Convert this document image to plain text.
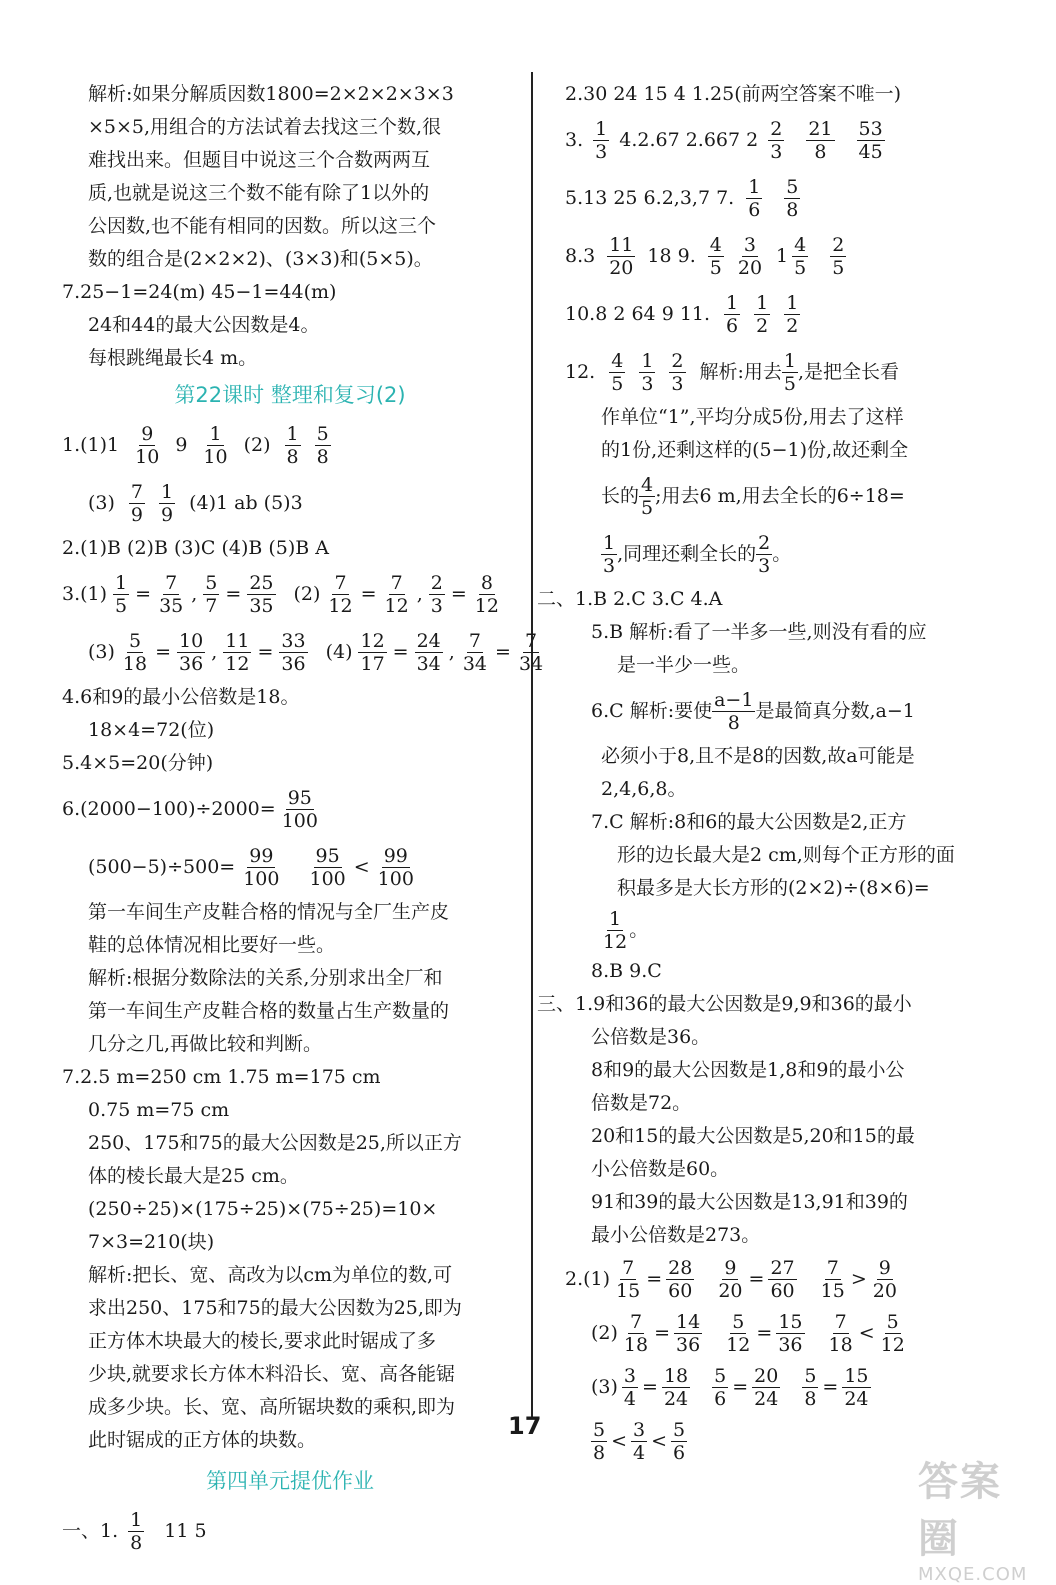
解析:如果分解质因数1800=2×2×2×3×3
×5×5,用组合的方法试着去找这三个数,很
难找出来。但题目中说这三个合数两两互
质,也就是说这三个数不能有除了1以外的
公因数,也不能有相同的因数。所以这三个
数的组合是(2×2×2)、(3×3)和(5×5)。
7.25−1=24(m) 45−1=44(m)
24和44的最大公因数是4。
每根跳绳最长4 m。
第22课时 整理和复习(2)
$1.(1)1 \frac{9}{10} 9 \frac{1}{10} (2) \frac{1}{8} \frac{5}{8}$
$(3) \frac{7}{9} \frac{1}{9} (4)1$ ab (5)3
2.(1)B (2)B (3)C (4)B (5)B A
$3.(1) \frac{1}{5} = \frac{7}{35}$ , $\frac{5}{7} = \frac{25}{35} (2) \frac{7}{12} = \frac{7}{12}$ , $\frac{2}{3} = \frac{8}{12}$
$(3) \frac{5}{18} = \frac{10}{36}$ , $\frac{11}{12} = \frac{33}{36} (4) \frac{12}{17} = \frac{24}{34}$ , $\frac{7}{34} = \frac{7}{34}$
4.6和9的最小公倍数是18。
18×4=72(位)
5.4×5=20(分钟)
$6.(2000-100)\div 2000= \frac{95}{100}$
$(500-5)\div 500= \frac{99}{100} \frac{95}{100} < \frac{99}{100}$
第一车间生产皮鞋合格的情况与全厂生产皮
鞋的总体情况相比要好一些。
解析:根据分数除法的关系,分别求出全厂和
第一车间生产皮鞋合格的数量占生产数量的
几分之几,再做比较和判断。
7.2.5 m=250 cm 1.75 m=175 cm
0.75 m=75 cm
250、175和75的最大公因数是25,所以正方
体的棱长最大是25 cm。
(250÷25)×(175÷25)×(75÷25)=10×
7×3=210(块)
解析:把长、宽、高改为以cm为单位的数,可
求出250、175和75的最大公因数为25,即为
正方体木块最大的棱长,要求此时锯成了多
少块,就要求长方体木料沿长、宽、高各能锯
成多少块。长、宽、高所锯块数的乘积,即为
此时锯成的正方体的块数。
第四单元提优作业
一、1. $\frac{1}{8} 11$ 5
2.30 24 15 4 1.25(前两空答案不唯一)
3. $\frac{1}{3} 4.2.67$ 2.667 $2 \frac{2}{3} \frac{21}{8} \frac{53}{45}$
5.13 25 6.2,3,7 7. $\frac{1}{6} \frac{5}{8}$
$8.3 \frac{11}{20} 18$ 9. $\frac{4}{5} \frac{3}{20} 1 \frac{4}{5} \frac{2}{5}$
10.8 2 64 9 11. $\frac{1}{6} \frac{1}{2} \frac{1}{2}$
12. $\frac{4}{5} \frac{1}{3} \frac{2}{3}$ 解析:用去 $\frac{1}{5}$ ,是把全长看
作单位“1”,平均分成5份,用去了这样
的1份,还剩这样的(5−1)份,故还剩全
长的 $\frac{4}{5}$ ;用去6 m,用去全长的6÷18=
$\frac{1}{3}$ ,同理还剩全长的 $\frac{2}{3}$ 。
二、1.B 2.C 3.C 4.A
5.B 解析:看了一半多一些,则没有看的应
是一半少一些。
6.C 解析:要使 $\frac{a-1}{8}$ 是最简真分数,a−1
必须小于8,且不是8的因数,故a可能是
2,4,6,8。
7.C 解析:8和6的最大公因数是2,正方
形的边长最大是2 cm,则每个正方形的面
积最多是大长方形的(2×2)÷(8×6)=
$\frac{1}{12}$ 。
8.B 9.C
三、1.9和36的最大公因数是9,9和36的最小
公倍数是36。
8和9的最大公因数是1,8和9的最小公
倍数是72。
20和15的最大公因数是5,20和15的最
小公倍数是60。
91和39的最大公因数是13,91和39的
最小公倍数是273。
$2.(1) \frac{7}{15} = \frac{28}{60} \frac{9}{20} = \frac{27}{60} \frac{7}{15} > \frac{9}{20}$
$(2) \frac{7}{18} = \frac{14}{36} \frac{5}{12} = \frac{15}{36} \frac{7}{18} < \frac{5}{12}$
$(3) \frac{3}{4} = \frac{18}{24} \frac{5}{6} = \frac{20}{24} \frac{5}{8} = \frac{15}{24}$
$\frac{5}{8} < \frac{3}{4} < \frac{5}{6}$
17
答案圈
MXQE.COM
